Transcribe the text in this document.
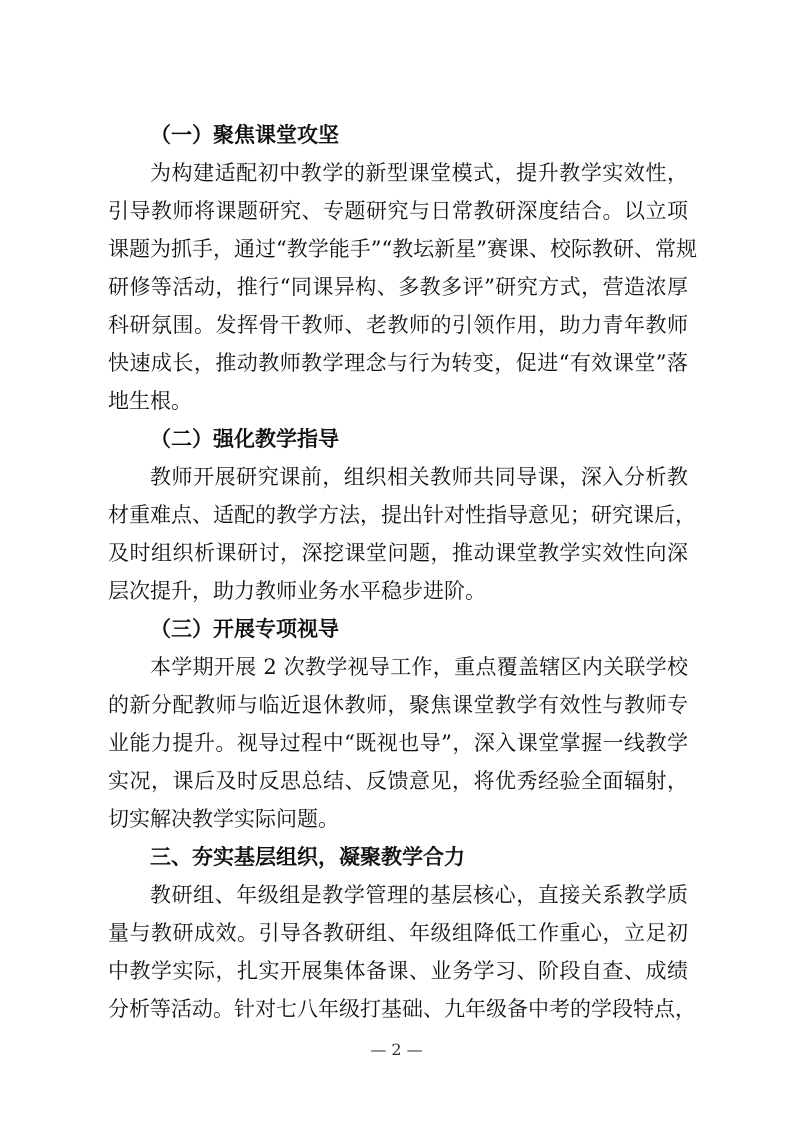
（一）聚焦课堂攻坚
为构建适配初中教学的新型课堂模式，提升教学实效性，
引导教师将课题研究、专题研究与日常教研深度结合。以立项
课题为抓手，通过“教学能手”“教坛新星”赛课、校际教研、常规
研修等活动，推行“同课异构、多教多评”研究方式，营造浓厚
科研氛围。发挥骨干教师、老教师的引领作用，助力青年教师
快速成长，推动教师教学理念与行为转变，促进“有效课堂”落
地生根。
（二）强化教学指导
教师开展研究课前，组织相关教师共同导课，深入分析教
材重难点、适配的教学方法，提出针对性指导意见；研究课后，
及时组织析课研讨，深挖课堂问题，推动课堂教学实效性向深
层次提升，助力教师业务水平稳步进阶。
（三）开展专项视导
本学期开展 2 次教学视导工作，重点覆盖辖区内关联学校
的新分配教师与临近退休教师，聚焦课堂教学有效性与教师专
业能力提升。视导过程中“既视也导”，深入课堂掌握一线教学
实况，课后及时反思总结、反馈意见，将优秀经验全面辐射，
切实解决教学实际问题。
三、夯实基层组织，凝聚教学合力
教研组、年级组是教学管理的基层核心，直接关系教学质
量与教研成效。引导各教研组、年级组降低工作重心，立足初
中教学实际，扎实开展集体备课、业务学习、阶段自查、成绩
分析等活动。针对七八年级打基础、九年级备中考的学段特点，
— 2 —
